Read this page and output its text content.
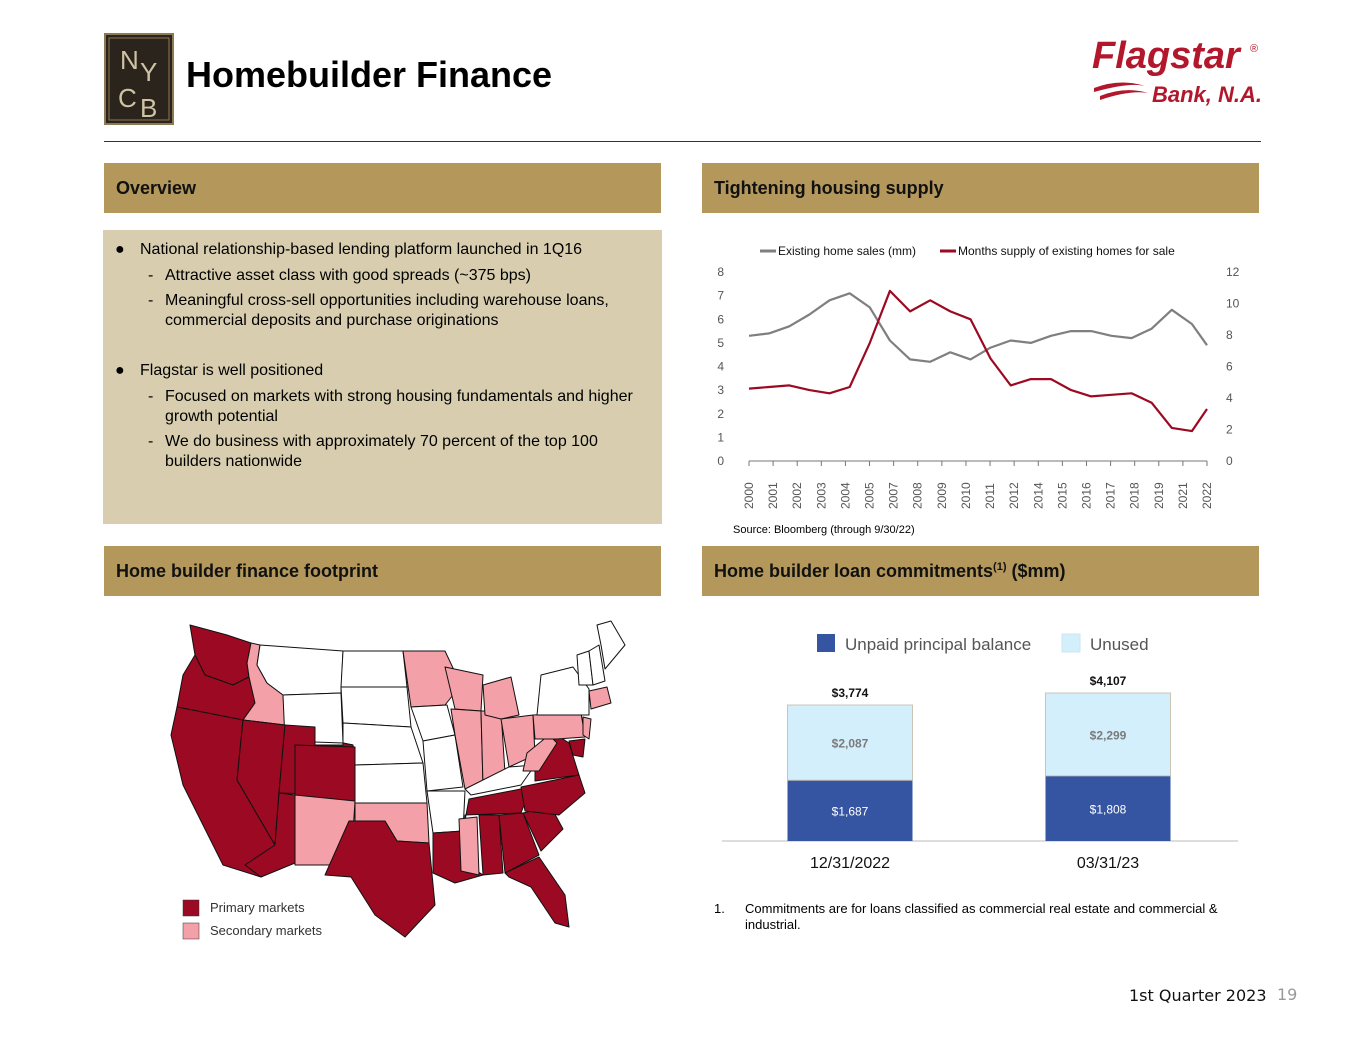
N Y
C B
Homebuilder Finance	Flagstar ®
Bank, N.A.
Overview	Tightening housing supply
Home builder finance footprint	Home builder loan commitments$^{(1)}$ ($mm)
● National relationship-based lending platform launched in 1Q16
- Attractive asset class with good spreads (~375 bps)
- Meaningful cross-sell opportunities including warehouse loans, commercial deposits and purchase originations
● Flagstar is well positioned
- Focused on markets with strong housing fundamentals and higher growth potential
- We do business with approximately 70 percent of the top 100 builders nationwide
Existing home sales (mm)	Months supply of existing homes for sale
0
1
2
3
4
5
6
7
8
0
2
4
6
8
10
12
2000 2001 2002 2003 2004 2005 2007 2008 2009 2010 2011 2012 2014 2015 2016 2017 2018 2019 2021 2022
Source: Bloomberg (through 9/30/22)
Primary markets
Secondary markets
Unpaid principal balance	Unused
$1,687
$2,087
$3,774
12/31/2022
$1,808
$2,299
$4,107
03/31/23
1.	Commitments are for loans classified as commercial real estate and commercial & industrial.
1st Quarter 2023 19
